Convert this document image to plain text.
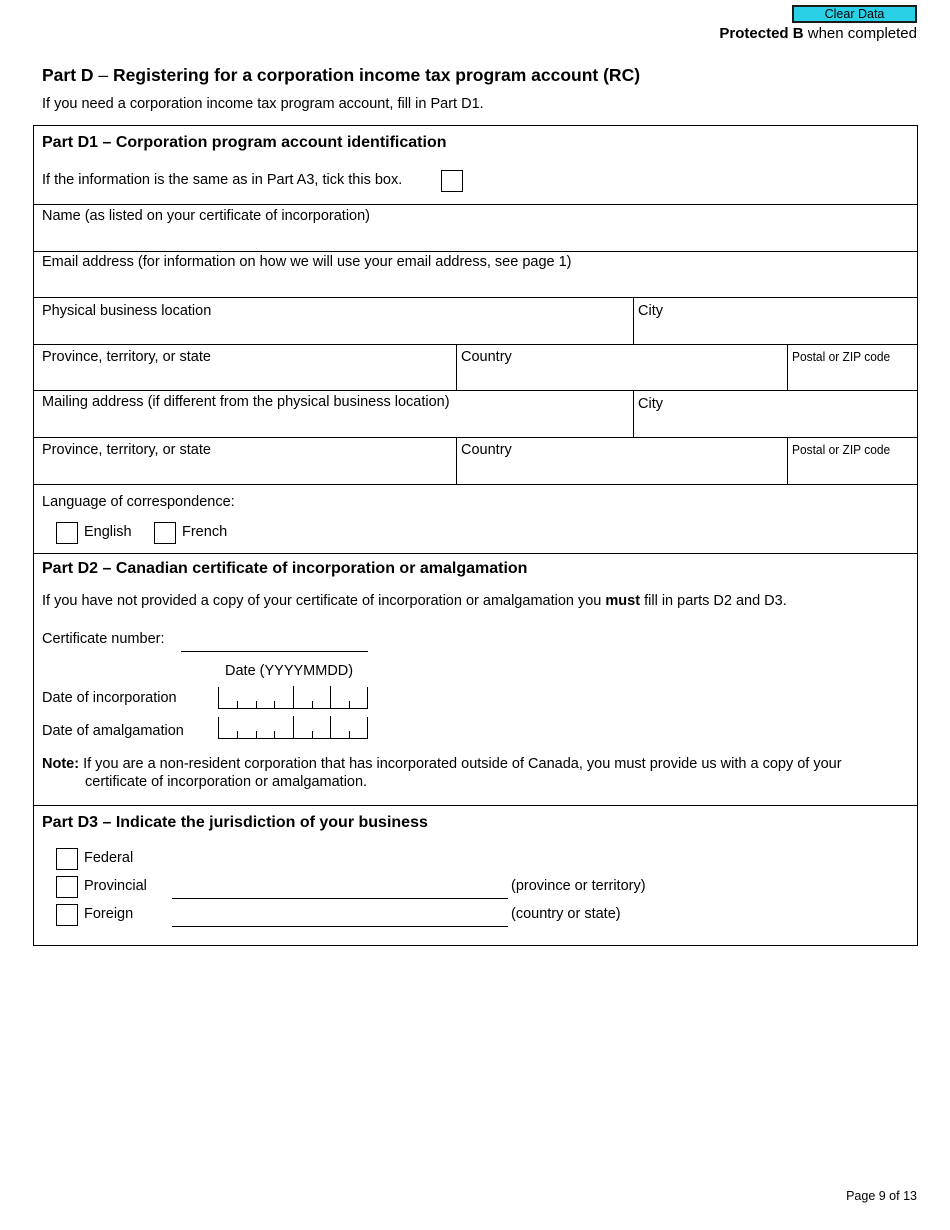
Clear Data
Protected B when completed
Part D – Registering for a corporation income tax program account (RC)
If you need a corporation income tax program account, fill in Part D1.
Part D1 – Corporation program account identification
If the information is the same as in Part A3, tick this box.
Name (as listed on your certificate of incorporation)
Email address (for information on how we will use your email address, see page 1)
Physical business location	City
Province, territory, or state	Country	Postal or ZIP code
Mailing address (if different from the physical business location)	City
Province, territory, or state	Country	Postal or ZIP code
Language of correspondence:
English	French
Part D2 – Canadian certificate of incorporation or amalgamation
If you have not provided a copy of your certificate of incorporation or amalgamation you must fill in parts D2 and D3.
Certificate number:
Date (YYYYMMDD)
Date of incorporation
Date of amalgamation
Note: If you are a non-resident corporation that has incorporated outside of Canada, you must provide us with a copy of your
certificate of incorporation or amalgamation.
Part D3 – Indicate the jurisdiction of your business
Federal
Provincial	(province or territory)
Foreign	(country or state)
Page 9 of 13
